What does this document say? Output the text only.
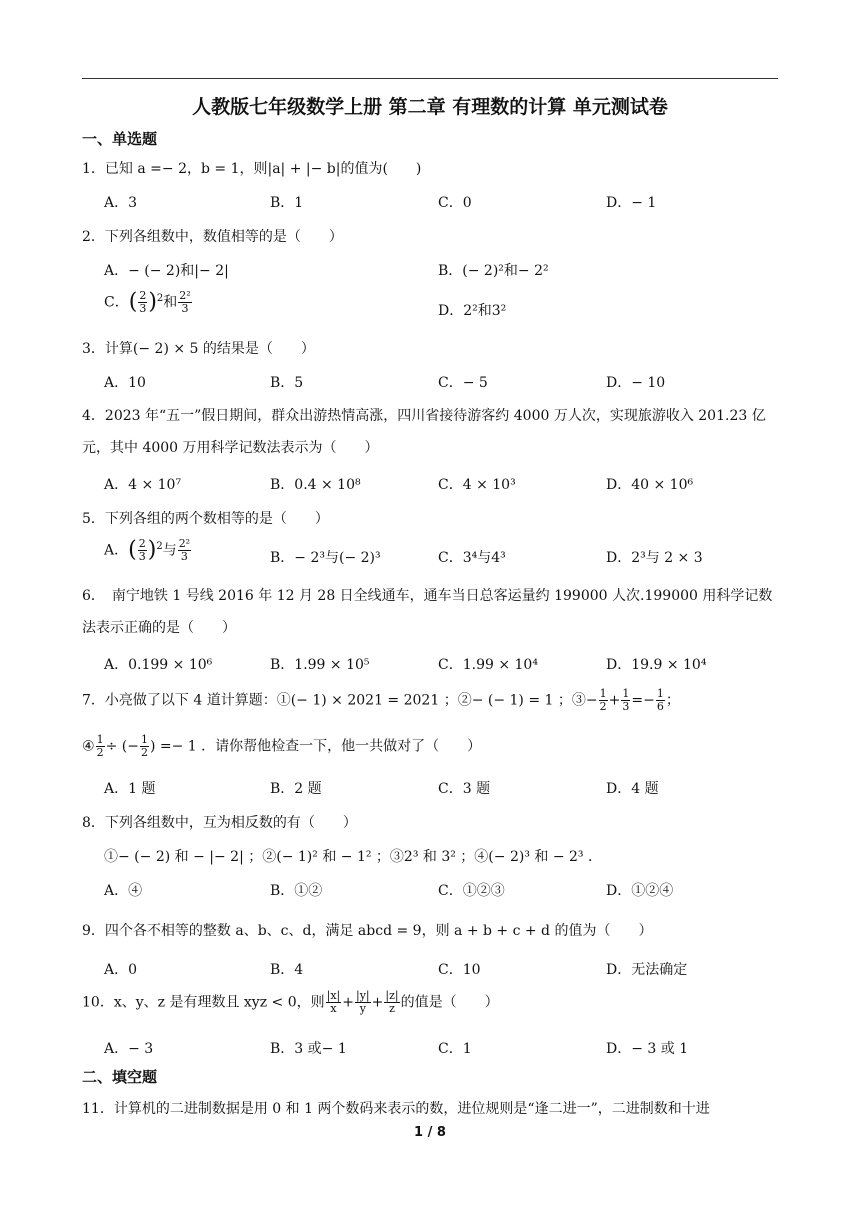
人教版七年级数学上册 第二章 有理数的计算 单元测试卷
一、单选题
1．已知 a =− 2，b = 1，则|a| + |− b|的值为(　　)
A．3	B．1	C．0	D．− 1
2．下列各组数中，数值相等的是（　　）
A．− (− 2)和|− 2|	B．(− 2)²和− 2²
C．( $\frac{2}{3} )^2$和 $\frac{\text{2²}}{3}$	D．2²和3²
3．计算(− 2) × 5 的结果是（　　）
A．10	B．5	C．− 5	D．− 10
4．2023 年“五一”假日期间，群众出游热情高涨，四川省接待游客约 4000 万人次，实现旅游收入 201.23 亿元，其中 4000 万用科学记数法表示为（　　）
A．4 × 10⁷	B．0.4 × 10⁸	C．4 × 10³	D．40 × 10⁶
5．下列各组的两个数相等的是（　　）
A．( $\frac{2}{3} )^2$与 $\frac{\text{2²}}{3}$	B．− 2³与(− 2)³	C．3⁴与4³	D．2³与 2 × 3
6．　南宁地铁 1 号线 2016 年 12 月 28 日全线通车，通车当日总客运量约 199000 人次.199000 用科学记数法表示正确的是（　　）
A．0.199 × 10⁶	B．1.99 × 10⁵	C．1.99 × 10⁴	D．19.9 × 10⁴
7．小亮做了以下 4 道计算题：①(− 1) × 2021 = 2021 ；②− (− 1) = 1 ；③− $\frac{1}{2} + \frac{1}{3} =- \frac{1}{6}$ ；
④ $\frac{1}{2}$ ÷ (− $\frac{1}{2}$ ) =− 1 ．请你帮他检查一下，他一共做对了（　　）
A．1 题	B．2 题	C．3 题	D．4 题
8．下列各组数中，互为相反数的有（　　）
①− (− 2) 和 − |− 2| ；②(− 1)² 和 − 1² ；③2³ 和 3² ；④(− 2)³ 和 − 2³ ．
A．④	B．①②	C．①②③	D．①②④
9．四个各不相等的整数 a、b、c、d，满足 abcd = 9，则 a + b + c + d 的值为（　　）
A．0	B．4	C．10	D．无法确定
10．x、y、z 是有理数且 xyz < 0，则 $\frac{|x|}{x} + \frac{|y|}{y} + \frac{|z|}{z}$ 的值是（　　）
A．− 3	B．3 或− 1	C．1	D．− 3 或 1
二、填空题
11．计算机的二进制数据是用 0 和 1 两个数码来表示的数，进位规则是“逢二进一”，二进制数和十进
1 / 8
